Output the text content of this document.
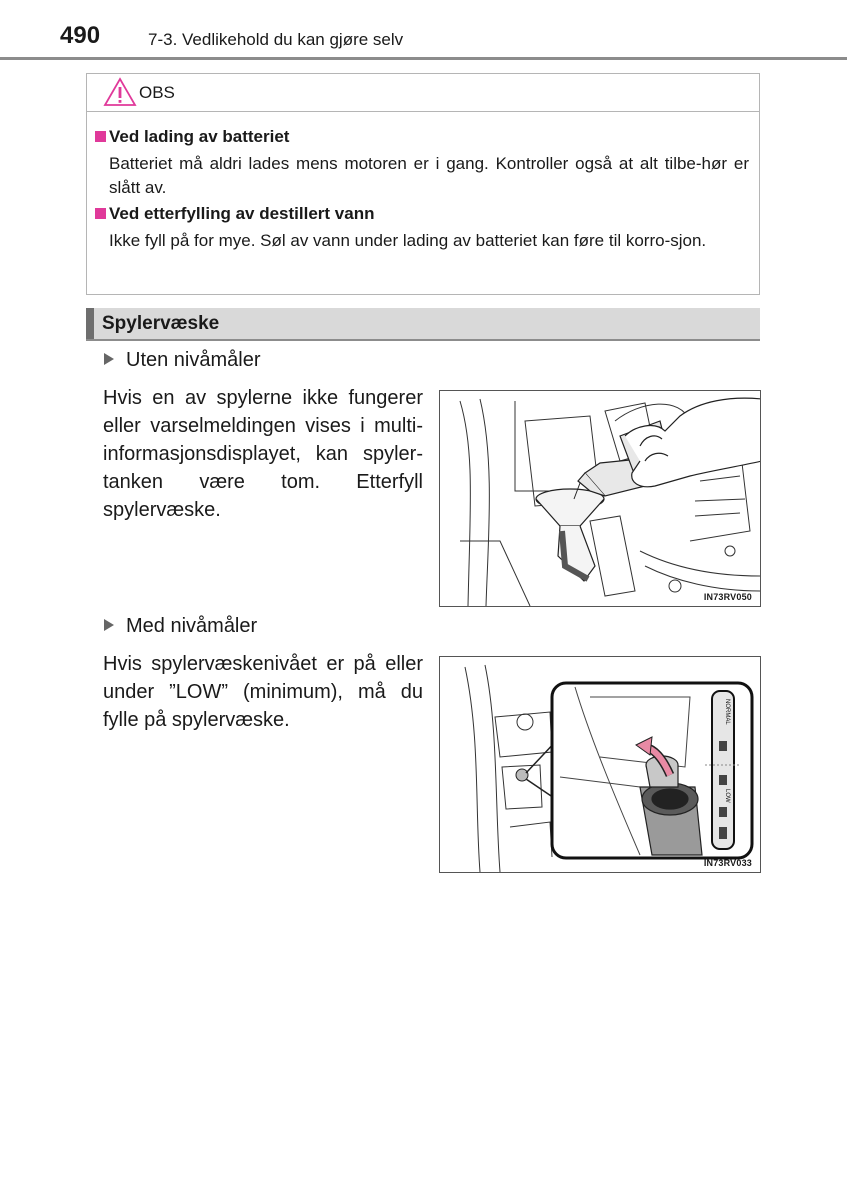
490	7-3. Vedlikehold du kan gjøre selv
OBS
Ved lading av batteriet
Batteriet må aldri lades mens motoren er i gang. Kontroller også at alt tilbe-hør er slått av.
Ved etterfylling av destillert vann
Ikke fyll på for mye. Søl av vann under lading av batteriet kan føre til korro-sjon.
Spylervæske
Uten nivåmåler
Hvis en av spylerne ikke fungerer eller varselmeldingen vises i multi-informasjonsdisplayet, kan spyler-tanken være tom. Etterfyll spylervæske.
IN73RV050
Med nivåmåler
Hvis spylervæskenivået er på eller under ”LOW” (minimum), må du fylle på spylervæske.	NORMAL
LOW
IN73RV033
